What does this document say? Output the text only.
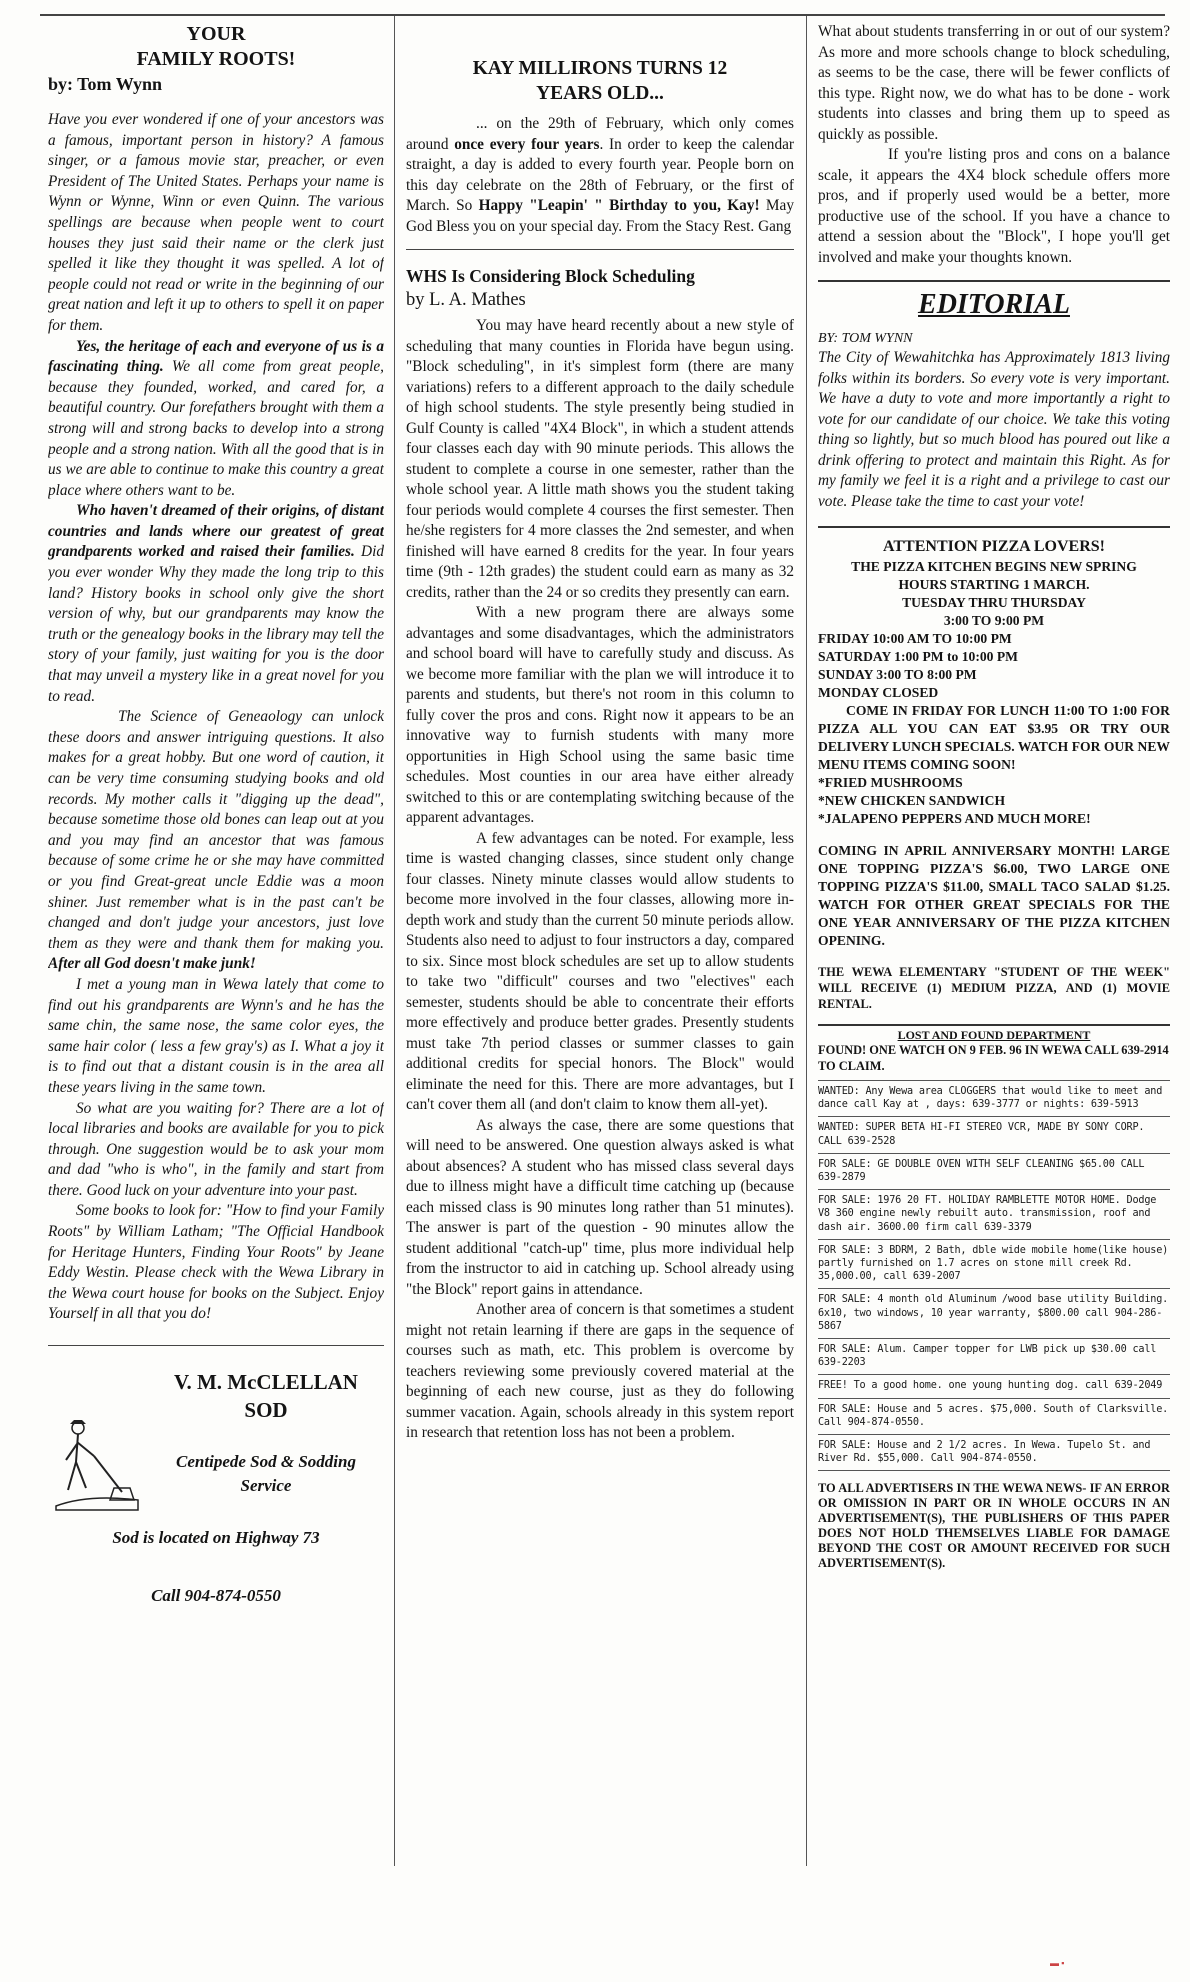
YOUR
FAMILY ROOTS!
by: Tom Wynn

Have you ever wondered if one of your ancestors was a famous, important person in history? A famous singer, or a famous movie star, preacher, or even President of The United States. Perhaps your name is Wynn or Wynne, Winn or even Quinn. The various spellings are because when people went to court houses they just said their name or the clerk just spelled it like they thought it was spelled. A lot of people could not read or write in the beginning of our great nation and left it up to others to spell it on paper for them.

Yes, the heritage of each and everyone of us is a fascinating thing. We all come from great people, because they founded, worked, and cared for, a beautiful country. Our forefathers brought with them a strong will and strong backs to develop into a strong people and a strong nation. With all the good that is in us we are able to continue to make this country a great place where others want to be.

Who haven't dreamed of their origins, of distant countries and lands where our greatest of great grandparents worked and raised their families. Did you ever wonder Why they made the long trip to this land? History books in school only give the short version of why, but our grandparents may know the truth or the genealogy books in the library may tell the story of your family, just waiting for you is the door that may unveil a mystery like in a great novel for you to read.

The Science of Geneaology can unlock these doors and answer intriguing questions. It also makes for a great hobby. But one word of caution, it can be very time consuming studying books and old records. My mother calls it "digging up the dead", because sometime those old bones can leap out at you and you may find an ancestor that was famous because of some crime he or she may have committed or you find Great-great uncle Eddie was a moon shiner. Just remember what is in the past can't be changed and don't judge your ancestors, just love them as they were and thank them for making you. After all God doesn't make junk!

I met a young man in Wewa lately that come to find out his grandparents are Wynn's and he has the same chin, the same nose, the same color eyes, the same hair color ( less a few gray's) as I. What a joy it is to find out that a distant cousin is in the area all these years living in the same town.

So what are you waiting for? There are a lot of local libraries and books are available for you to pick through. One suggestion would be to ask your mom and dad "who is who", in the family and start from there. Good luck on your adventure into your past.

Some books to look for: "How to find your Family Roots" by William Latham; "The Official Handbook for Heritage Hunters, Finding Your Roots" by Jeane Eddy Westin. Please check with the Wewa Library in the Wewa court house for books on the Subject. Enjoy Yourself in all that you do!

V. M. McCLELLAN
SOD
Centipede Sod & Sodding
Service
Sod is located on Highway 73
Call 904-874-0550
KAY MILLIRONS TURNS 12
YEARS OLD...

... on the 29th of February, which only comes around once every four years. In order to keep the calendar straight, a day is added to every fourth year. People born on this day celebrate on the 28th of February, or the first of March. So Happy "Leapin' " Birthday to you, Kay! May God Bless you on your special day. From the Stacy Rest. Gang

WHS Is Considering Block Scheduling
by L. A. Mathes

You may have heard recently about a new style of scheduling that many counties in Florida have begun using. "Block scheduling", in it's simplest form (there are many variations) refers to a different approach to the daily schedule of high school students. The style presently being studied in Gulf County is called "4X4 Block", in which a student attends four classes each day with 90 minute periods. This allows the student to complete a course in one semester, rather than the whole school year. A little math shows you the student taking four periods would complete 4 courses the first semester. Then he/she registers for 4 more classes the 2nd semester, and when finished will have earned 8 credits for the year. In four years time (9th - 12th grades) the student could earn as many as 32 credits, rather than the 24 or so credits they presently can earn.

With a new program there are always some advantages and some disadvantages, which the administrators and school board will have to carefully study and discuss. As we become more familiar with the plan we will introduce it to parents and students, but there's not room in this column to fully cover the pros and cons. Right now it appears to be an innovative way to furnish students with many more opportunities in High School using the same basic time schedules. Most counties in our area have either already switched to this or are contemplating switching because of the apparent advantages.

A few advantages can be noted. For example, less time is wasted changing classes, since student only change four classes. Ninety minute classes would allow students to become more involved in the four classes, allowing more in-depth work and study than the current 50 minute periods allow. Students also need to adjust to four instructors a day, compared to six. Since most block schedules are set up to allow students to take two "difficult" courses and two "electives" each semester, students should be able to concentrate their efforts more effectively and produce better grades. Presently students must take 7th period classes or summer classes to gain additional credits for special honors. The Block" would eliminate the need for this. There are more advantages, but I can't cover them all (and don't claim to know them all-yet).

As always the case, there are some questions that will need to be answered. One question always asked is what about absences? A student who has missed class several days due to illness might have a difficult time catching up (because each missed class is 90 minutes long rather than 51 minutes). The answer is part of the question - 90 minutes allow the student additional "catch-up" time, plus more individual help from the instructor to aid in catching up. School already using "the Block" report gains in attendance.

Another area of concern is that sometimes a student might not retain learning if there are gaps in the sequence of courses such as math, etc. This problem is overcome by teachers reviewing some previously covered material at the beginning of each new course, just as they do following summer vacation. Again, schools already in this system report in research that retention loss has not been a problem.

What about students transferring in or out of our system? As more and more schools change to block scheduling, as seems to be the case, there will be fewer conflicts of this type. Right now, we do what has to be done - work students into classes and bring them up to speed as quickly as possible.

If you're listing pros and cons on a balance scale, it appears the 4X4 block schedule offers more pros, and if properly used would be a better, more productive use of the school. If you have a chance to attend a session about the "Block", I hope you'll get involved and make your thoughts known.

EDITORIAL
BY: TOM WYNN
The City of Wewahitchka has Approximately 1813 living folks within its borders. So every vote is very important. We have a duty to vote and more importantly a right to vote for our candidate of our choice. We take this voting thing so lightly, but so much blood has poured out like a drink offering to protect and maintain this Right. As for my family we feel it is a right and a privilege to cast our vote. Please take the time to cast your vote!
ATTENTION PIZZA LOVERS!
THE PIZZA KITCHEN BEGINS NEW SPRING
HOURS STARTING 1 MARCH.
TUESDAY THRU THURSDAY
3:00 TO 9:00 PM
FRIDAY 10:00 AM TO 10:00 PM
SATURDAY 1:00 PM to 10:00 PM
SUNDAY 3:00 TO 8:00 PM
MONDAY CLOSED

COME IN FRIDAY FOR LUNCH 11:00 TO 1:00 FOR PIZZA ALL YOU CAN EAT $3.95 OR TRY OUR DELIVERY LUNCH SPECIALS. WATCH FOR OUR NEW MENU ITEMS COMING SOON!

*FRIED MUSHROOMS
*NEW CHICKEN SANDWICH
*JALAPENO PEPPERS AND MUCH MORE!

COMING IN APRIL ANNIVERSARY MONTH! LARGE ONE TOPPING PIZZA'S $6.00, TWO LARGE ONE TOPPING PIZZA'S $11.00, SMALL TACO SALAD $1.25. WATCH FOR OTHER GREAT SPECIALS FOR THE ONE YEAR ANNIVERSARY OF THE PIZZA KITCHEN OPENING.

THE WEWA ELEMENTARY "STUDENT OF THE WEEK" WILL RECEIVE (1) MEDIUM PIZZA, AND (1) MOVIE RENTAL.

LOST AND FOUND DEPARTMENT
FOUND! ONE WATCH ON 9 FEB. 96 IN WEWA CALL 639-2914 TO CLAIM.
WANTED: Any Wewa area CLOGGERS that would like to meet and dance call Kay at , days: 639-3777 or nights: 639-5913
WANTED: SUPER BETA HI-FI STEREO VCR, MADE BY SONY CORP. CALL 639-2528
FOR SALE: GE DOUBLE OVEN WITH SELF CLEANING $65.00 CALL 639-2879
FOR SALE: 1976 20 FT. HOLIDAY RAMBLETTE MOTOR HOME. Dodge V8 360 engine newly rebuilt auto. transmission, roof and dash air. 3600.00 firm call 639-3379
FOR SALE: 3 BDRM, 2 Bath, dble wide mobile home(like house) partly furnished on 1.7 acres on stone mill creek Rd. 35,000.00, call 639-2007
FOR SALE: 4 month old Aluminum /wood base utility Building. 6x10, two windows, 10 year warranty, $800.00 call 904-286-5867
FOR SALE: Alum. Camper topper for LWB pick up $30.00 call 639-2203
FREE! To a good home. one young hunting dog. call 639-2049
FOR SALE: House and 5 acres. $75,000. South of Clarksville. Call 904-874-0550.
FOR SALE: House and 2 1/2 acres. In Wewa. Tupelo St. and River Rd. $55,000. Call 904-874-0550.
TO ALL ADVERTISERS IN THE WEWA NEWS- IF AN ERROR OR OMISSION IN PART OR IN WHOLE OCCURS IN AN ADVERTISEMENT(S), THE PUBLISHERS OF THIS PAPER DOES NOT HOLD THEMSELVES LIABLE FOR DAMAGE BEYOND THE COST OR AMOUNT RECEIVED FOR SUCH ADVERTISEMENT(S).
▬ ▪
